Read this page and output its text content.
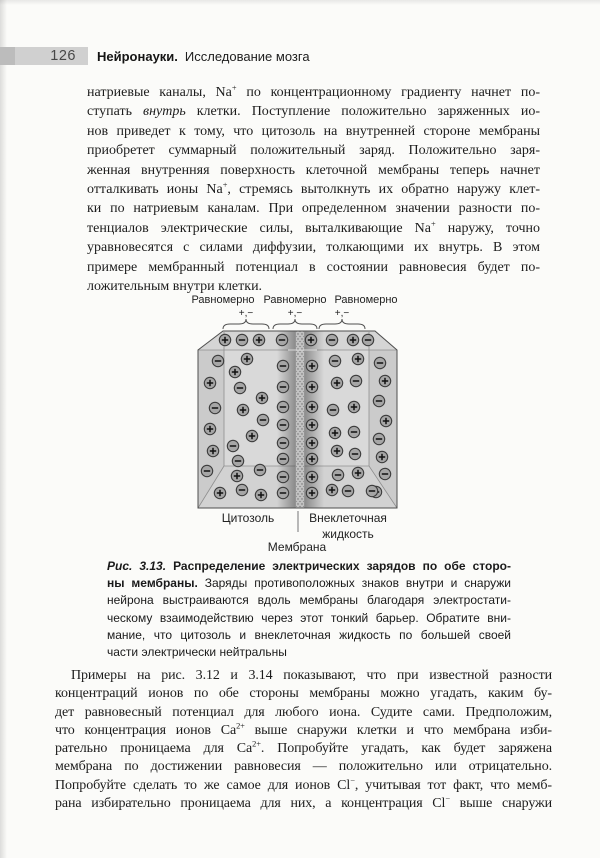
126 Нейронауки. Исследование мозга
натриевые каналы, Na+ по концентрационному градиенту начнет по-
ступать внутрь клетки. Поступление положительно заряженных ио-
нов приведет к тому, что цитозоль на внутренней стороне мембраны
приобретет суммарный положительный заряд. Положительно заря-
женная внутренняя поверхность клеточной мембраны теперь начнет
отталкивать ионы Na+, стремясь вытолкнуть их обратно наружу клет-
ки по натриевым каналам. При определенном значении разности по-
тенциалов электрические силы, выталкивающие Na+ наружу, точно
уравновесятся с силами диффузии, толкающими их внутрь. В этом
примере мембранный потенциал в состоянии равновесия будет по-
ложительным внутри клетки.
Равномерно
+,−
Равномерно
+,−
Равномерно
+,−
Цитозоль	Внеклеточная
жидкость
Мембрана
Рис. 3.13. Распределение электрических зарядов по обе сторо-
ны мембраны. Заряды противоположных знаков внутри и снаружи
нейрона выстраиваются вдоль мембраны благодаря электростати-
ческому взаимодействию через этот тонкий барьер. Обратите вни-
мание, что цитозоль и внеклеточная жидкость по большей своей
части электрически нейтральны
Примеры на рис. 3.12 и 3.14 показывают, что при известной разности
концентраций ионов по обе стороны мембраны можно угадать, каким бу-
дет равновесный потенциал для любого иона. Судите сами. Предположим,
что концентрация ионов $Ca^{2+}$ выше снаружи клетки и что мембрана изби-
рательно проницаема для $Ca^{2+}$. Попробуйте угадать, как будет заряжена
мембрана по достижении равновесия — положительно или отрицательно.
Попробуйте сделать то же самое для ионов Cl−, учитывая тот факт, что мемб-
рана избирательно проницаема для них, а концентрация Cl− выше снаружи
